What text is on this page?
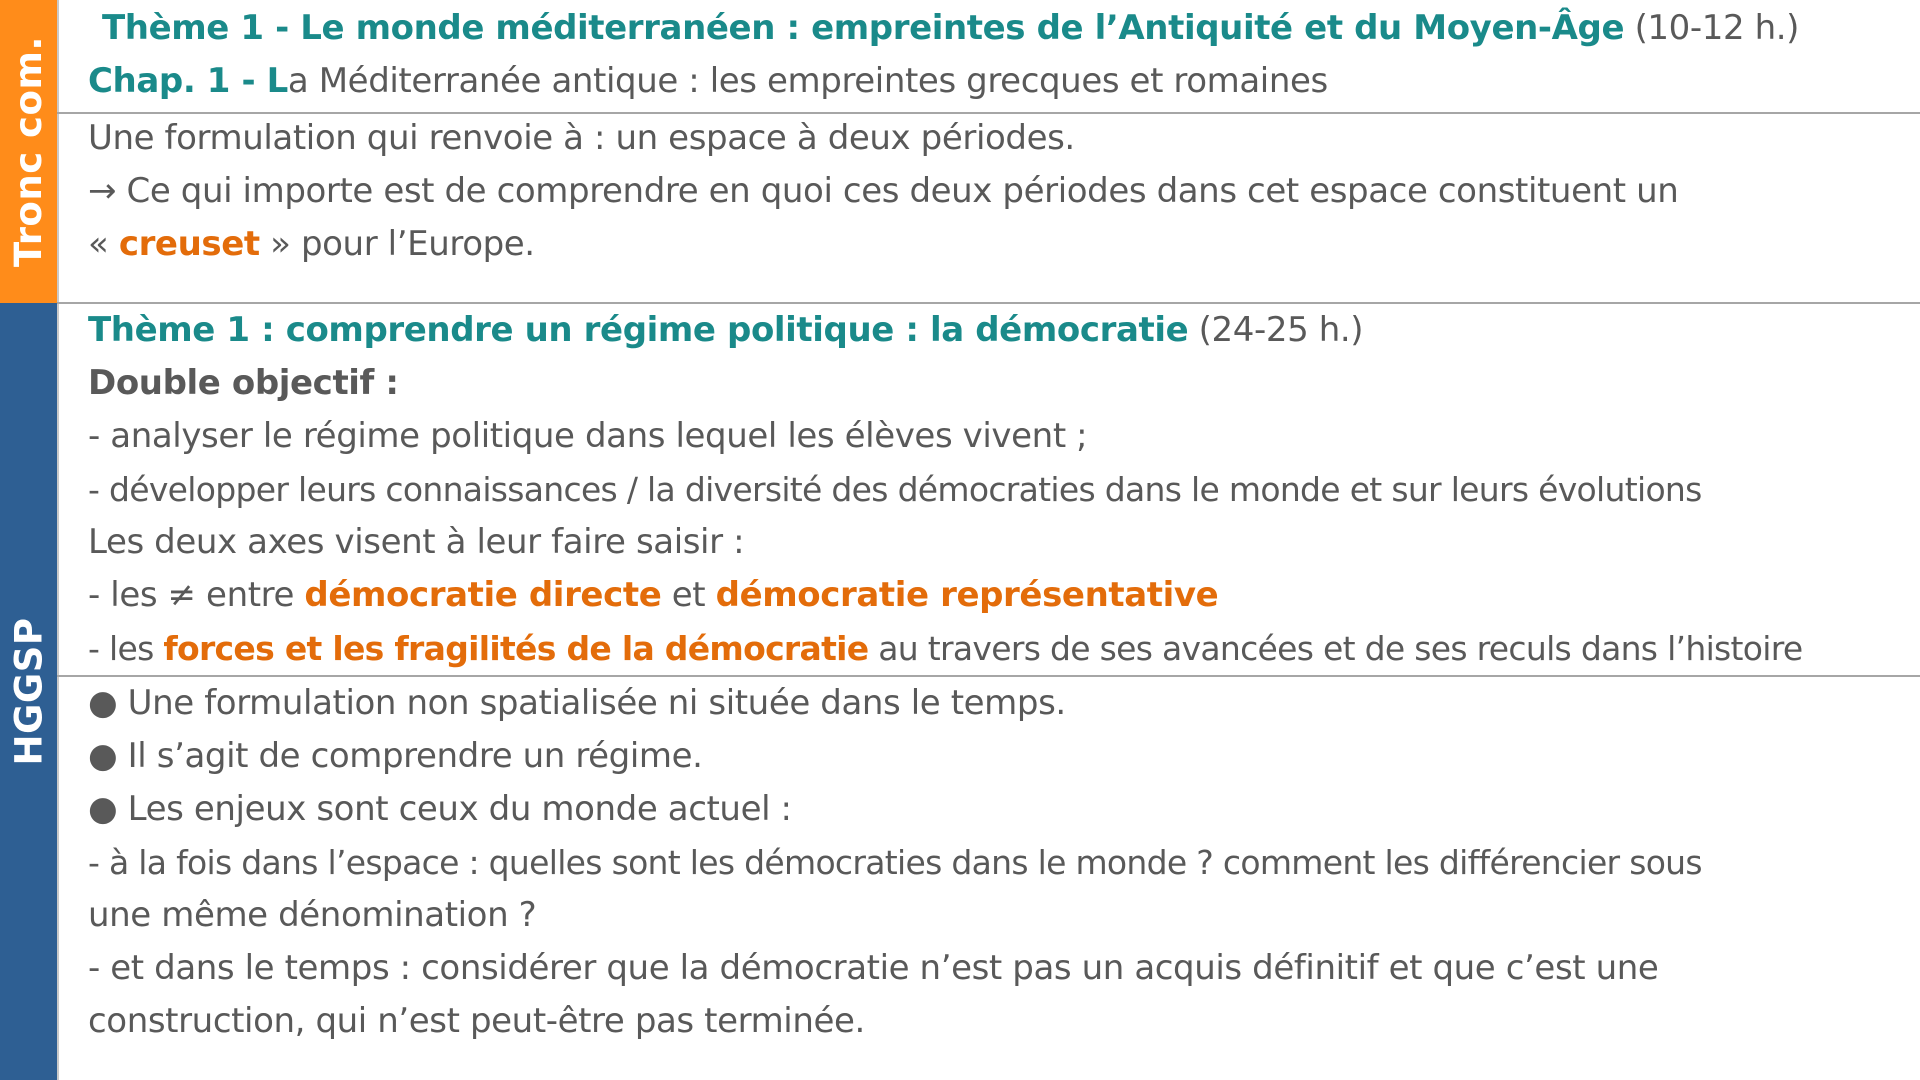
Tronc com.
HGGSP
Thème 1 - Le monde méditerranéen : empreintes de l’Antiquité et du Moyen-Âge (10-12 h.)
Chap. 1 - La Méditerranée antique : les empreintes grecques et romaines
Une formulation qui renvoie à : un espace à deux périodes.
→ Ce qui importe est de comprendre en quoi ces deux périodes dans cet espace constituent un
« creuset » pour l’Europe.
Thème 1 : comprendre un régime politique : la démocratie (24-25 h.)
Double objectif :
- analyser le régime politique dans lequel les élèves vivent ;
- développer leurs connaissances / la diversité des démocraties dans le monde et sur leurs évolutions
Les deux axes visent à leur faire saisir :
- les ≠ entre démocratie directe et démocratie représentative
- les forces et les fragilités de la démocratie au travers de ses avancées et de ses reculs dans l’histoire
● Une formulation non spatialisée ni située dans le temps.
● Il s’agit de comprendre un régime.
● Les enjeux sont ceux du monde actuel :
- à la fois dans l’espace : quelles sont les démocraties dans le monde ? comment les différencier sous
une même dénomination ?
- et dans le temps : considérer que la démocratie n’est pas un acquis définitif et que c’est une
construction, qui n’est peut-être pas terminée.
